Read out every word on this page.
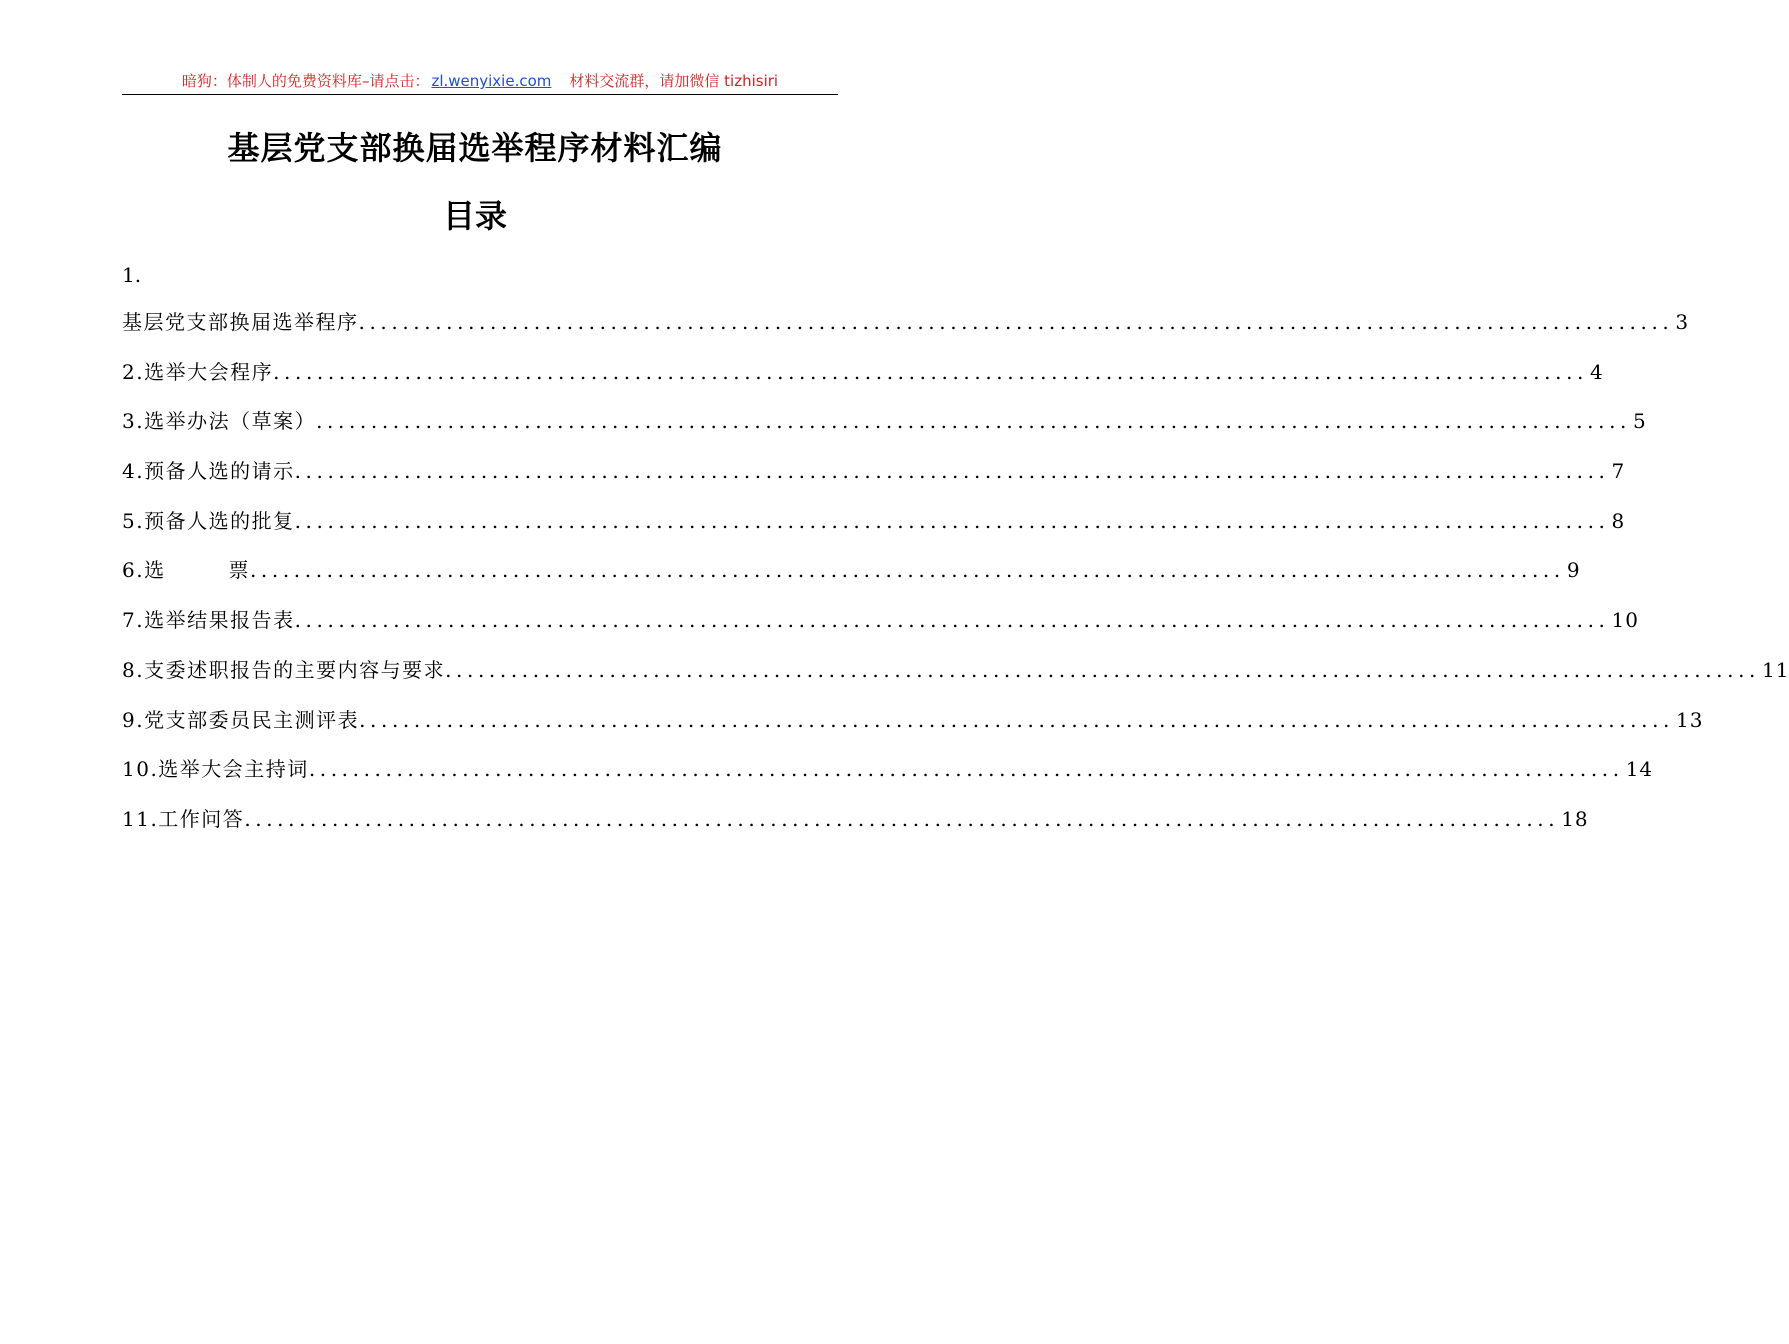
暗狗：体制人的免费资料库–请点击： zl.wenyixie.com 材料交流群，请加微信 tizhisiri
基层党支部换届选举程序材料汇编
目录
1.
基层党支部换届选举程序 ........................................................................................................................ 3
2.选举大会程序 ........................................................................................................................ 4
3.选举办法（草案） ........................................................................................................................ 5
4.预备人选的请示 ........................................................................................................................ 7
5.预备人选的批复 ........................................................................................................................ 8
6.选        票 ........................................................................................................................ 9
7.选举结果报告表 ........................................................................................................................ 10
8.支委述职报告的主要内容与要求 ........................................................................................................................ 11
9.党支部委员民主测评表 ........................................................................................................................ 13
10.选举大会主持词 ........................................................................................................................ 14
11.工作问答 ........................................................................................................................ 18
